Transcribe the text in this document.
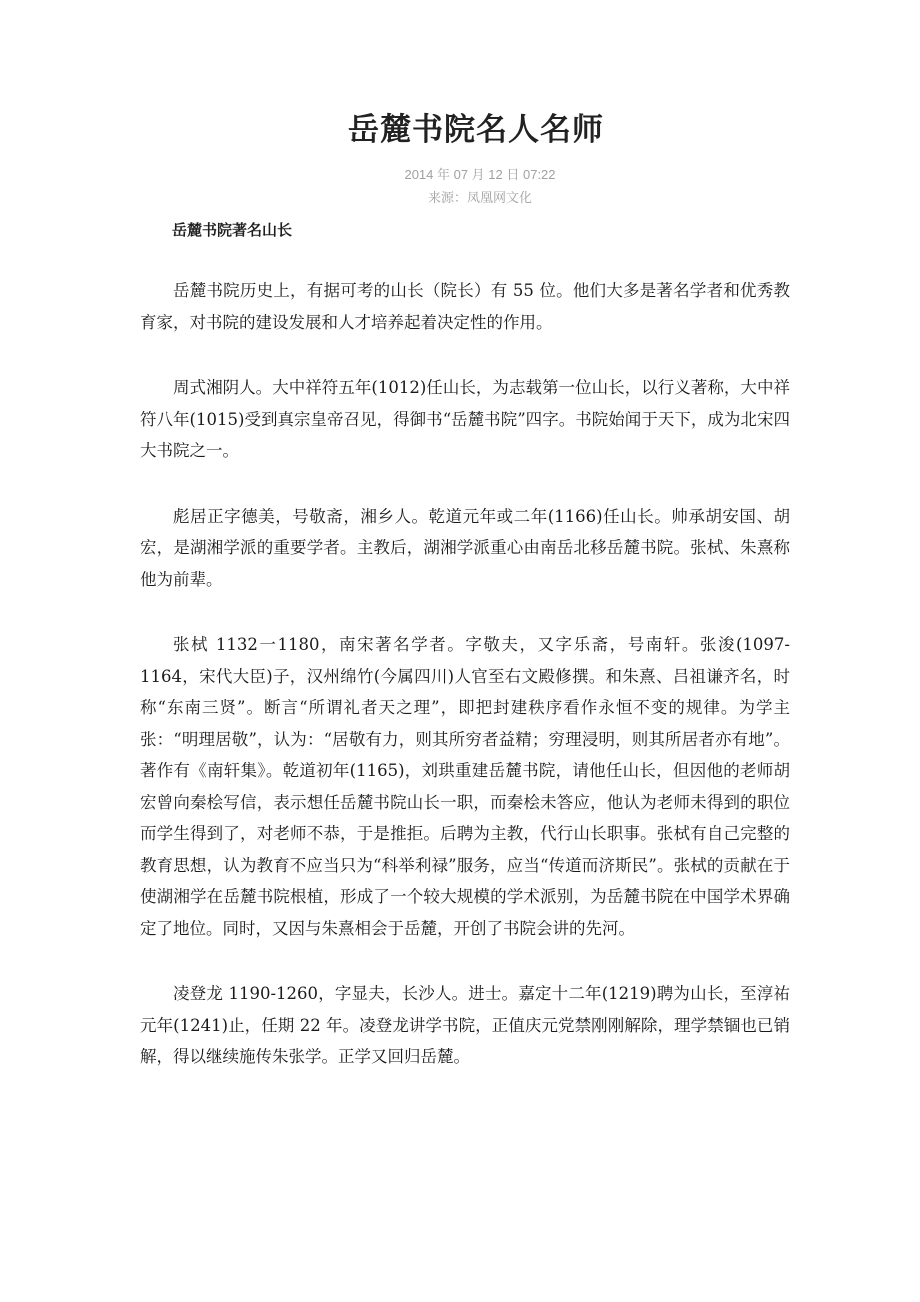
岳麓书院名人名师
2014 年 07 月 12 日 07:22
来源：凤凰网文化
岳麓书院著名山长

岳麓书院历史上，有据可考的山长（院长）有 55 位。他们大多是著名学者和优秀教育家，对书院的建设发展和人才培养起着决定性的作用。

周式湘阴人。大中祥符五年(1012)任山长，为志载第一位山长，以行义著称，大中祥符八年(1015)受到真宗皇帝召见，得御书“岳麓书院”四字。书院始闻于天下，成为北宋四大书院之一。

彪居正字德美，号敬斋，湘乡人。乾道元年或二年(1166)任山长。帅承胡安国、胡宏，是湖湘学派的重要学者。主教后，湖湘学派重心由南岳北移岳麓书院。张栻、朱熹称他为前辈。

张栻 1132一1180，南宋著名学者。字敬夫，又字乐斋，号南轩。张浚(1097-1164，宋代大臣)子，汉州绵竹(今属四川)人官至右文殿修撰。和朱熹、吕祖谦齐名，时称“东南三贤”。断言“所谓礼者天之理”，即把封建秩序看作永恒不变的规律。为学主张：“明理居敬”，认为：“居敬有力，则其所穷者益精；穷理浸明，则其所居者亦有地”。著作有《南轩集》。乾道初年(1165)，刘珙重建岳麓书院，请他任山长，但因他的老师胡宏曾向秦桧写信，表示想任岳麓书院山长一职，而秦桧未答应，他认为老师未得到的职位而学生得到了，对老师不恭，于是推拒。后聘为主教，代行山长职事。张栻有自己完整的教育思想，认为教育不应当只为“科举利禄”服务，应当“传道而济斯民”。张栻的贡献在于使湖湘学在岳麓书院根植，形成了一个较大规模的学术派别，为岳麓书院在中国学术界确定了地位。同时，又因与朱熹相会于岳麓，开创了书院会讲的先河。

凌登龙 1190-1260，字显夫，长沙人。进士。嘉定十二年(1219)聘为山长，至淳祐元年(1241)止，任期 22 年。凌登龙讲学书院，正值庆元党禁刚刚解除，理学禁锢也已销解，得以继续施传朱张学。正学又回归岳麓。
